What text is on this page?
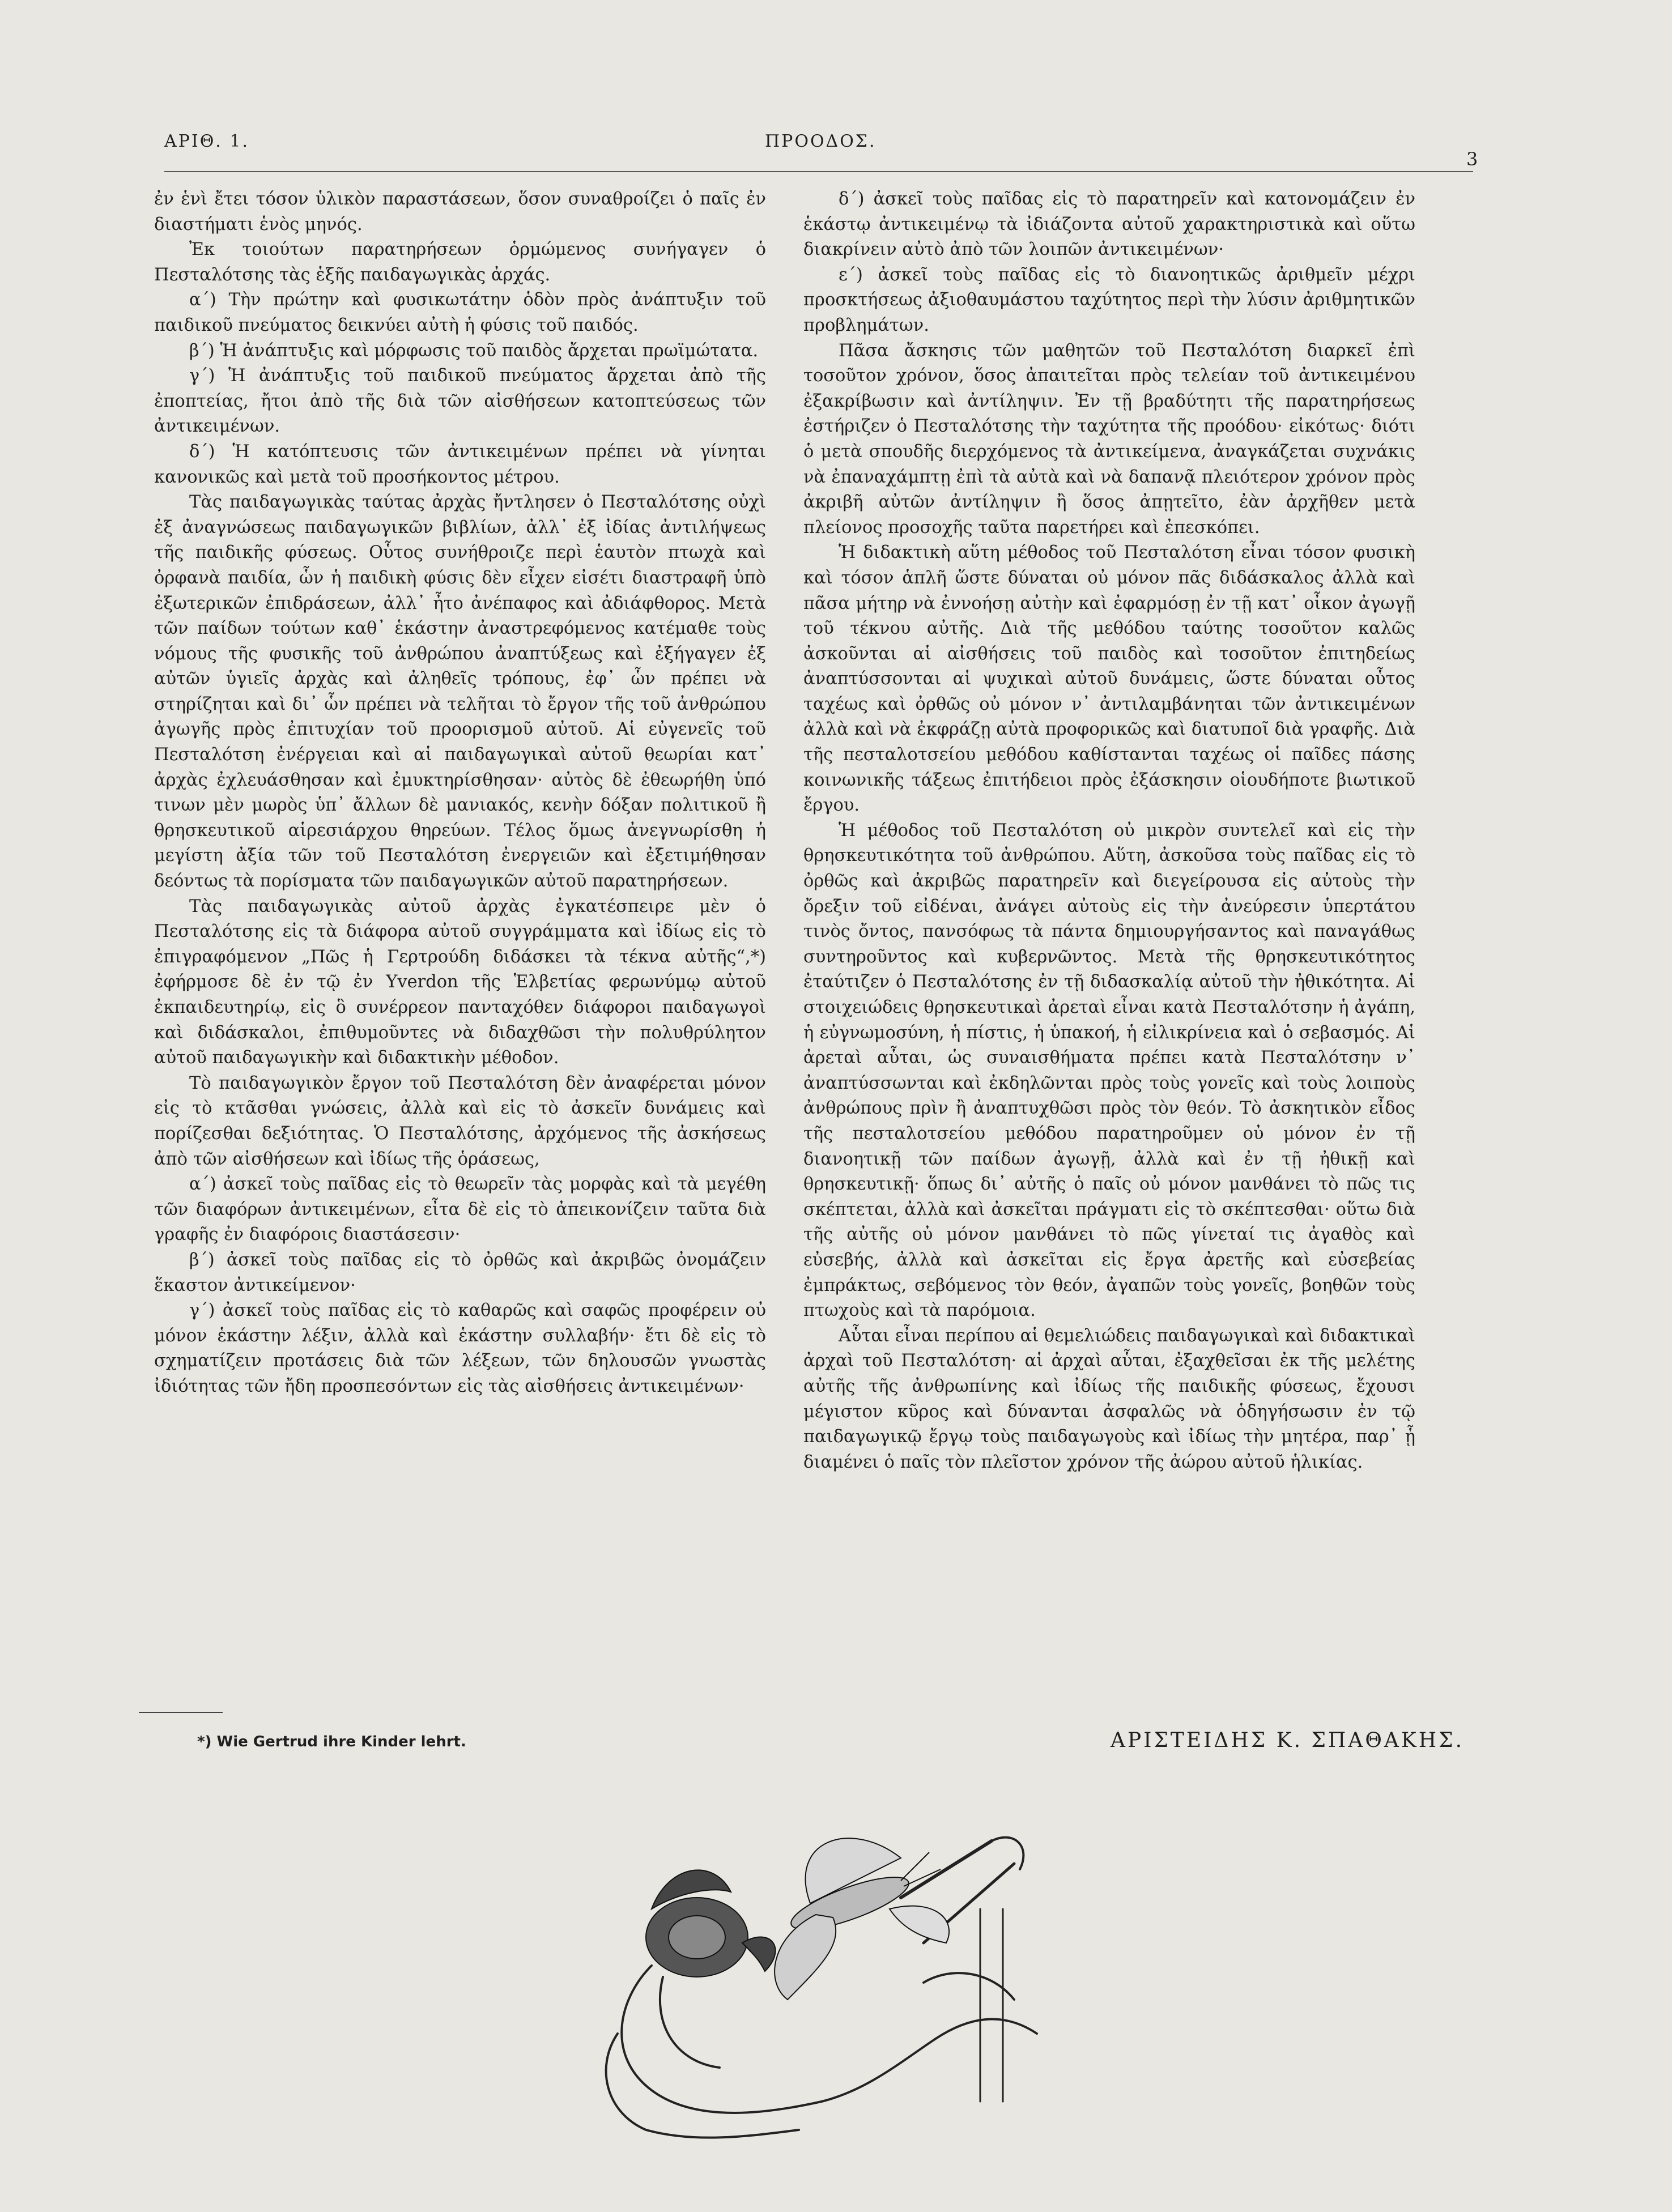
ΑΡΙΘ. 1.	ΠΡΟΟΔΟΣ.
3

ἐν ἑνὶ ἔτει τόσον ὑλικὸν παραστάσεων, ὅσον συναθροίζει ὁ παῖς ἐν διαστήματι ἑνὸς μηνός.

Ἐκ τοιούτων παρατηρήσεων ὁρμώμενος συνήγαγεν ὁ Πεσταλότσης τὰς ἑξῆς παιδαγωγικὰς ἀρχάς.

α΄) Τὴν πρώτην καὶ φυσικωτάτην ὁδὸν πρὸς ἀνάπτυξιν τοῦ παιδικοῦ πνεύματος δεικνύει αὐτὴ ἡ φύσις τοῦ παιδός.

β΄) Ἡ ἀνάπτυξις καὶ μόρφωσις τοῦ παιδὸς ἄρχεται πρωϊμώτατα.

γ΄) Ἡ ἀνάπτυξις τοῦ παιδικοῦ πνεύματος ἄρχεται ἀπὸ τῆς ἐποπτείας, ἤτοι ἀπὸ τῆς διὰ τῶν αἰσθήσεων κατοπτεύσεως τῶν ἀντικειμένων.

δ΄) Ἡ κατόπτευσις τῶν ἀντικειμένων πρέπει νὰ γίνηται κανονικῶς καὶ μετὰ τοῦ προσήκοντος μέτρου.

Τὰς παιδαγωγικὰς ταύτας ἀρχὰς ἤντλησεν ὁ Πεσταλότσης οὐχὶ ἐξ ἀναγνώσεως παιδαγωγικῶν βιβλίων, ἀλλ᾽ ἐξ ἰδίας ἀντιλήψεως τῆς παιδικῆς φύσεως. Οὗτος συνήθροιζε περὶ ἑαυτὸν πτωχὰ καὶ ὀρφανὰ παιδία, ὧν ἡ παιδικὴ φύσις δὲν εἶχεν εἰσέτι διαστραφῆ ὑπὸ ἐξωτερικῶν ἐπιδράσεων, ἀλλ᾽ ἦτο ἀνέπαφος καὶ ἀδιάφθορος. Μετὰ τῶν παίδων τούτων καθ᾽ ἑκάστην ἀναστρεφόμενος κατέμαθε τοὺς νόμους τῆς φυσικῆς τοῦ ἀνθρώπου ἀναπτύξεως καὶ ἐξήγαγεν ἐξ αὐτῶν ὑγιεῖς ἀρχὰς καὶ ἀληθεῖς τρόπους, ἐφ᾽ ὧν πρέπει νὰ στηρίζηται καὶ δι᾽ ὧν πρέπει νὰ τελῆται τὸ ἔργον τῆς τοῦ ἀνθρώπου ἀγωγῆς πρὸς ἐπιτυχίαν τοῦ προορισμοῦ αὐτοῦ. Αἱ εὐγενεῖς τοῦ Πεσταλότση ἐνέργειαι καὶ αἱ παιδαγωγικαὶ αὐτοῦ θεωρίαι κατ᾽ ἀρχὰς ἐχλευάσθησαν καὶ ἐμυκτηρίσθησαν· αὐτὸς δὲ ἐθεωρήθη ὑπό τινων μὲν μωρὸς ὑπ᾽ ἄλλων δὲ μανιακός, κενὴν δόξαν πολιτικοῦ ἢ θρησκευτικοῦ αἱρεσιάρχου θηρεύων. Τέλος ὅμως ἀνεγνωρίσθη ἡ μεγίστη ἀξία τῶν τοῦ Πεσταλότση ἐνεργειῶν καὶ ἐξετιμήθησαν δεόντως τὰ πορίσματα τῶν παιδαγωγικῶν αὐτοῦ παρατηρήσεων.

Τὰς παιδαγωγικὰς αὐτοῦ ἀρχὰς ἐγκατέσπειρε μὲν ὁ Πεσταλότσης εἰς τὰ διάφορα αὐτοῦ συγγράμματα καὶ ἰδίως εἰς τὸ ἐπιγραφόμενον „Πῶς ἡ Γερτρούδη διδάσκει τὰ τέκνα αὐτῆς“,*) ἐφήρμοσε δὲ ἐν τῷ ἐν Yverdon τῆς Ἑλβετίας φερωνύμῳ αὐτοῦ ἐκπαιδευτηρίῳ, εἰς ὃ συνέρρεον πανταχόθεν διάφοροι παιδαγωγοὶ καὶ διδάσκαλοι, ἐπιθυμοῦντες νὰ διδαχθῶσι τὴν πολυθρύλητον αὐτοῦ παιδαγωγικὴν καὶ διδακτικὴν μέθοδον.

Τὸ παιδαγωγικὸν ἔργον τοῦ Πεσταλότση δὲν ἀναφέρεται μόνον εἰς τὸ κτᾶσθαι γνώσεις, ἀλλὰ καὶ εἰς τὸ ἀσκεῖν δυνάμεις καὶ πορίζεσθαι δεξιότητας. Ὁ Πεσταλότσης, ἀρχόμενος τῆς ἀσκήσεως ἀπὸ τῶν αἰσθήσεων καὶ ἰδίως τῆς ὁράσεως,

α΄) ἀσκεῖ τοὺς παῖδας εἰς τὸ θεωρεῖν τὰς μορφὰς καὶ τὰ μεγέθη τῶν διαφόρων ἀντικειμένων, εἶτα δὲ εἰς τὸ ἀπεικονίζειν ταῦτα διὰ γραφῆς ἐν διαφόροις διαστάσεσιν·

β΄) ἀσκεῖ τοὺς παῖδας εἰς τὸ ὀρθῶς καὶ ἀκριβῶς ὀνομάζειν ἕκαστον ἀντικείμενον·

γ΄) ἀσκεῖ τοὺς παῖδας εἰς τὸ καθαρῶς καὶ σαφῶς προφέρειν οὐ μόνον ἑκάστην λέξιν, ἀλλὰ καὶ ἑκάστην συλλαβήν· ἔτι δὲ εἰς τὸ σχηματίζειν προτάσεις διὰ τῶν λέξεων, τῶν δηλουσῶν γνωστὰς ἰδιότητας τῶν ἤδη προσπεσόντων εἰς τὰς αἰσθήσεις ἀντικειμένων·

δ΄) ἀσκεῖ τοὺς παῖδας εἰς τὸ παρατηρεῖν καὶ κατονομάζειν ἐν ἑκάστῳ ἀντικειμένῳ τὰ ἰδιάζοντα αὐτοῦ χαρακτηριστικὰ καὶ οὕτω διακρίνειν αὐτὸ ἀπὸ τῶν λοιπῶν ἀντικειμένων·

ε΄) ἀσκεῖ τοὺς παῖδας εἰς τὸ διανοητικῶς ἀριθμεῖν μέχρι προσκτήσεως ἀξιοθαυμάστου ταχύτητος περὶ τὴν λύσιν ἀριθμητικῶν προβλημάτων.

Πᾶσα ἄσκησις τῶν μαθητῶν τοῦ Πεσταλότση διαρκεῖ ἐπὶ τοσοῦτον χρόνον, ὅσος ἀπαιτεῖται πρὸς τελείαν τοῦ ἀντικειμένου ἐξακρίβωσιν καὶ ἀντίληψιν. Ἐν τῇ βραδύτητι τῆς παρατηρήσεως ἐστήριζεν ὁ Πεσταλότσης τὴν ταχύτητα τῆς προόδου· εἰκότως· διότι ὁ μετὰ σπουδῆς διερχόμενος τὰ ἀντικείμενα, ἀναγκάζεται συχνάκις νὰ ἐπαναχάμπτῃ ἐπὶ τὰ αὐτὰ καὶ νὰ δαπανᾷ πλειότερον χρόνον πρὸς ἀκριβῆ αὐτῶν ἀντίληψιν ἢ ὅσος ἀπῃτεῖτο, ἐὰν ἀρχῆθεν μετὰ πλείονος προσοχῆς ταῦτα παρετήρει καὶ ἐπεσκόπει.

Ἡ διδακτικὴ αὕτη μέθοδος τοῦ Πεσταλότση εἶναι τόσον φυσικὴ καὶ τόσον ἁπλῆ ὥστε δύναται οὐ μόνον πᾶς διδάσκαλος ἀλλὰ καὶ πᾶσα μήτηρ νὰ ἐννοήσῃ αὐτὴν καὶ ἐφαρμόσῃ ἐν τῇ κατ᾽ οἶκον ἀγωγῇ τοῦ τέκνου αὐτῆς. Διὰ τῆς μεθόδου ταύτης τοσοῦτον καλῶς ἀσκοῦνται αἱ αἰσθήσεις τοῦ παιδὸς καὶ τοσοῦτον ἐπιτηδείως ἀναπτύσσονται αἱ ψυχικαὶ αὐτοῦ δυνάμεις, ὥστε δύναται οὗτος ταχέως καὶ ὀρθῶς οὐ μόνον ν᾽ ἀντιλαμβάνηται τῶν ἀντικειμένων ἀλλὰ καὶ νὰ ἐκφράζῃ αὐτὰ προφορικῶς καὶ διατυποῖ διὰ γραφῆς. Διὰ τῆς πεσταλοτσείου μεθόδου καθίστανται ταχέως οἱ παῖδες πάσης κοινωνικῆς τάξεως ἐπιτήδειοι πρὸς ἐξάσκησιν οἱουδήποτε βιωτικοῦ ἔργου.

Ἡ μέθοδος τοῦ Πεσταλότση οὐ μικρὸν συντελεῖ καὶ εἰς τὴν θρησκευτικότητα τοῦ ἀνθρώπου. Αὕτη, ἀσκοῦσα τοὺς παῖδας εἰς τὸ ὀρθῶς καὶ ἀκριβῶς παρατηρεῖν καὶ διεγείρουσα εἰς αὐτοὺς τὴν ὄρεξιν τοῦ εἰδέναι, ἀνάγει αὐτοὺς εἰς τὴν ἀνεύρεσιν ὑπερτάτου τινὸς ὄντος, πανσόφως τὰ πάντα δημιουργήσαντος καὶ παναγάθως συντηροῦντος καὶ κυβερνῶντος. Μετὰ τῆς θρησκευτικότητος ἐταύτιζεν ὁ Πεσταλότσης ἐν τῇ διδασκαλίᾳ αὐτοῦ τὴν ἠθικότητα. Αἱ στοιχειώδεις θρησκευτικαὶ ἀρεταὶ εἶναι κατὰ Πεσταλότσην ἡ ἀγάπη, ἡ εὐγνωμοσύνη, ἡ πίστις, ἡ ὑπακοή, ἡ εἰλικρίνεια καὶ ὁ σεβασμός. Αἱ ἀρεταὶ αὗται, ὡς συναισθήματα πρέπει κατὰ Πεσταλότσην ν᾽ ἀναπτύσσωνται καὶ ἐκδηλῶνται πρὸς τοὺς γονεῖς καὶ τοὺς λοιποὺς ἀνθρώπους πρὶν ἢ ἀναπτυχθῶσι πρὸς τὸν θεόν. Τὸ ἀσκητικὸν εἶδος τῆς πεσταλοτσείου μεθόδου παρατηροῦμεν οὐ μόνον ἐν τῇ διανοητικῇ τῶν παίδων ἀγωγῇ, ἀλλὰ καὶ ἐν τῇ ἠθικῇ καὶ θρησκευτικῇ· ὅπως δι᾽ αὐτῆς ὁ παῖς οὐ μόνον μανθάνει τὸ πῶς τις σκέπτεται, ἀλλὰ καὶ ἀσκεῖται πράγματι εἰς τὸ σκέπτεσθαι· οὕτω διὰ τῆς αὐτῆς οὐ μόνον μανθάνει τὸ πῶς γίνεταί τις ἀγαθὸς καὶ εὐσεβής, ἀλλὰ καὶ ἀσκεῖται εἰς ἔργα ἀρετῆς καὶ εὐσεβείας ἐμπράκτως, σεβόμενος τὸν θεόν, ἀγαπῶν τοὺς γονεῖς, βοηθῶν τοὺς πτωχοὺς καὶ τὰ παρόμοια.

Αὗται εἶναι περίπου αἱ θεμελιώδεις παιδαγωγικαὶ καὶ διδακτικαὶ ἀρχαὶ τοῦ Πεσταλότση· αἱ ἀρχαὶ αὗται, ἐξαχθεῖσαι ἐκ τῆς μελέτης αὐτῆς τῆς ἀνθρωπίνης καὶ ἰδίως τῆς παιδικῆς φύσεως, ἔχουσι μέγιστον κῦρος καὶ δύνανται ἀσφαλῶς νὰ ὁδηγήσωσιν ἐν τῷ παιδαγωγικῷ ἔργῳ τοὺς παιδαγωγοὺς καὶ ἰδίως τὴν μητέρα, παρ᾽ ᾗ διαμένει ὁ παῖς τὸν πλεῖστον χρόνον τῆς ἀώρου αὐτοῦ ἡλικίας.

*) Wie Gertrud ihre Kinder lehrt.	ΑΡΙΣΤΕΙΔΗΣ Κ. ΣΠΑΘΑΚΗΣ.
